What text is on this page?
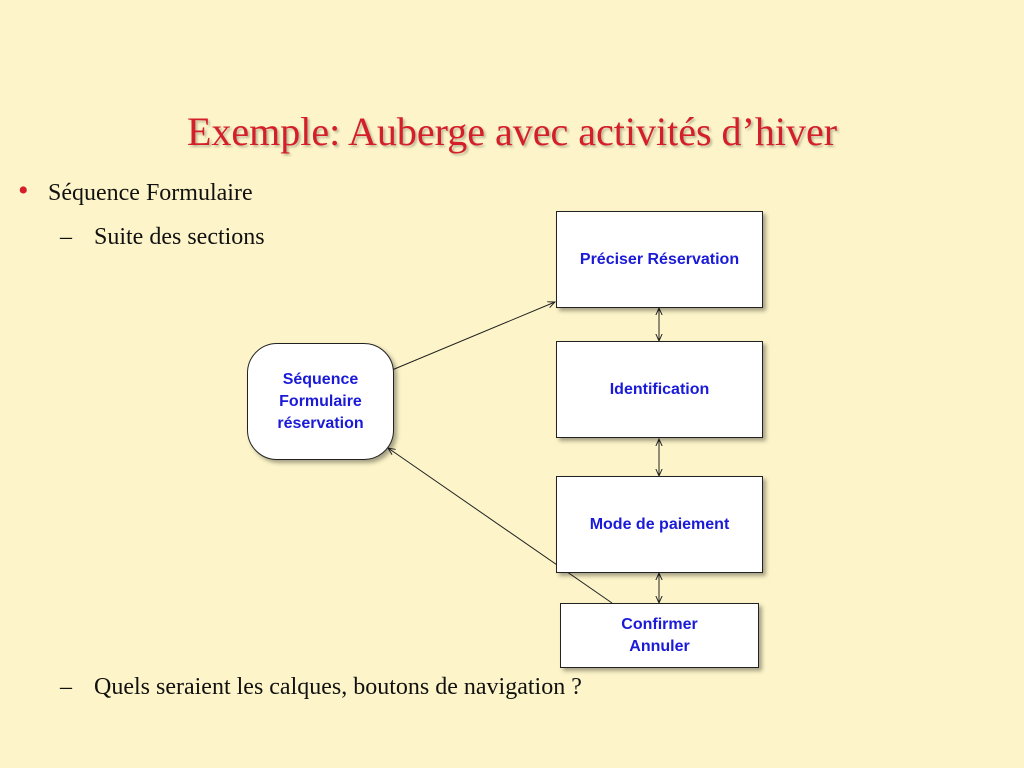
Exemple: Auberge avec activités d’hiver
• Séquence Formulaire
– Suite des sections
– Quels seraient les calques, boutons de navigation ?
Séquence
Formulaire
réservation
Préciser Réservation
Identification
Mode de paiement
Confirmer
Annuler
